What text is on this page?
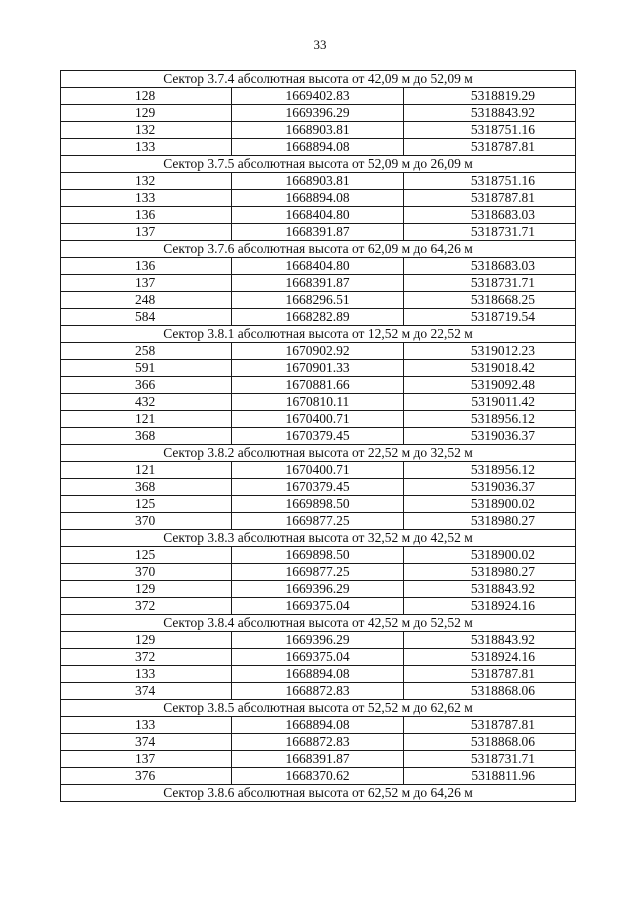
33
Сектор 3.7.4 абсолютная высота от 42,09 м до 52,09 м		
128	1669402.83	5318819.29
129	1669396.29	5318843.92
132	1668903.81	5318751.16
133	1668894.08	5318787.81
Сектор 3.7.5 абсолютная высота от 52,09 м до 26,09 м		
132	1668903.81	5318751.16
133	1668894.08	5318787.81
136	1668404.80	5318683.03
137	1668391.87	5318731.71
Сектор 3.7.6 абсолютная высота от 62,09 м до 64,26 м		
136	1668404.80	5318683.03
137	1668391.87	5318731.71
248	1668296.51	5318668.25
584	1668282.89	5318719.54
Сектор 3.8.1 абсолютная высота от 12,52 м до 22,52 м		
258	1670902.92	5319012.23
591	1670901.33	5319018.42
366	1670881.66	5319092.48
432	1670810.11	5319011.42
121	1670400.71	5318956.12
368	1670379.45	5319036.37
Сектор 3.8.2 абсолютная высота от 22,52 м до 32,52 м		
121	1670400.71	5318956.12
368	1670379.45	5319036.37
125	1669898.50	5318900.02
370	1669877.25	5318980.27
Сектор 3.8.3 абсолютная высота от 32,52 м до 42,52 м		
125	1669898.50	5318900.02
370	1669877.25	5318980.27
129	1669396.29	5318843.92
372	1669375.04	5318924.16
Сектор 3.8.4 абсолютная высота от 42,52 м до 52,52 м		
129	1669396.29	5318843.92
372	1669375.04	5318924.16
133	1668894.08	5318787.81
374	1668872.83	5318868.06
Сектор 3.8.5 абсолютная высота от 52,52 м до 62,62 м		
133	1668894.08	5318787.81
374	1668872.83	5318868.06
137	1668391.87	5318731.71
376	1668370.62	5318811.96
Сектор 3.8.6 абсолютная высота от 62,52 м до 64,26 м		
